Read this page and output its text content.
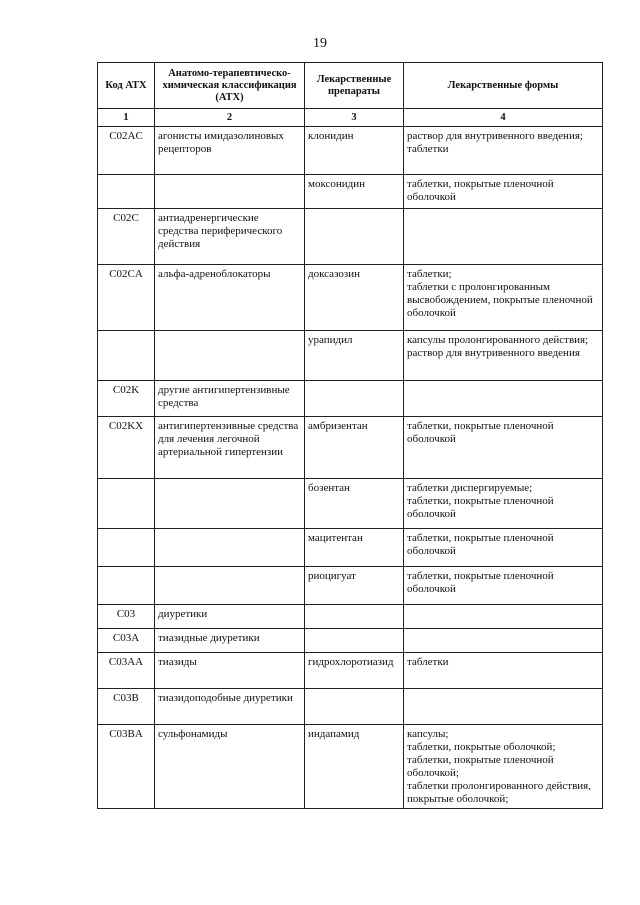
19
Код АТХ	Анатомо-терапевтическо-химическая классификация (АТХ)	Лекарственные препараты	Лекарственные формы
1	2	3	4
C02AC	агонисты имидазолиновых рецепторов	клонидин	раствор для внутривенного введения;
таблетки
		моксонидин	таблетки, покрытые пленочной оболочкой
C02C	антиадренергические средства периферического действия		
C02CA	альфа-адреноблокаторы	доксазозин	таблетки;
таблетки с пролонгированным высвобождением, покрытые пленочной оболочкой
		урапидил	капсулы пролонгированного действия;
раствор для внутривенного введения
C02K	другие антигипертензивные средства		
C02KX	антигипертензивные средства для лечения легочной артериальной гипертензии	амбризентан	таблетки, покрытые пленочной оболочкой
		бозентан	таблетки диспергируемые;
таблетки, покрытые пленочной оболочкой
		мацитентан	таблетки, покрытые пленочной оболочкой
		риоцигуат	таблетки, покрытые пленочной оболочкой
C03	диуретики		
C03A	тиазидные диуретики		
C03AA	тиазиды	гидрохлоротиазид	таблетки
C03B	тиазидоподобные диуретики		
C03BA	сульфонамиды	индапамид	капсулы;
таблетки, покрытые оболочкой;
таблетки, покрытые пленочной оболочкой;
таблетки пролонгированного действия, покрытые оболочкой;
